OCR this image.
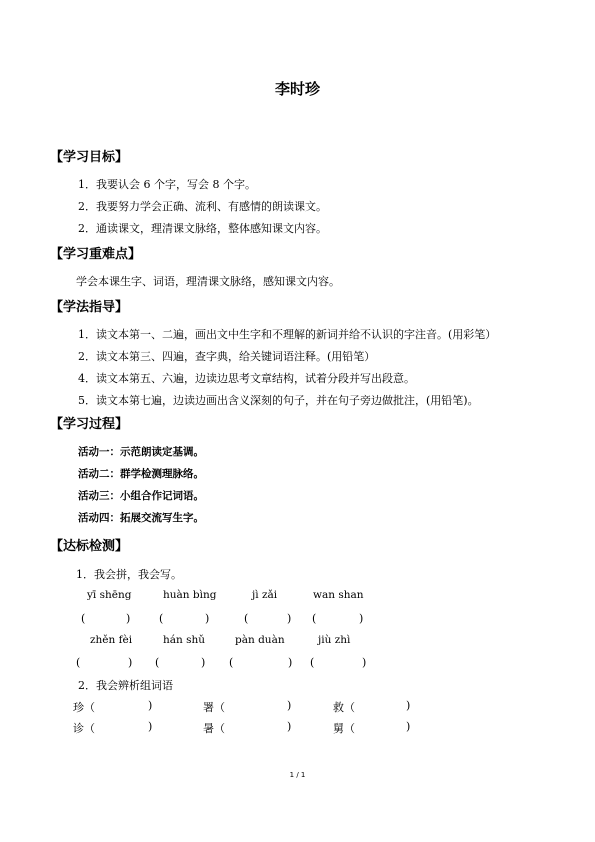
李时珍
【学习目标】
1．我要认会 6 个字，写会 8 个字。
2．我要努力学会正确、流利、有感情的朗读课文。
2．通读课文，理清课文脉络，整体感知课文内容。
【学习重难点】
学会本课生字、词语，理清课文脉络，感知课文内容。
【学法指导】
1．读文本第一、二遍，画出文中生字和不理解的新词并给不认识的字注音。(用彩笔）
2．读文本第三、四遍，查字典，给关键词语注释。(用铅笔）
4．读文本第五、六遍，边读边思考文章结构，试着分段并写出段意。
5．读文本第七遍，边读边画出含义深刻的句子，并在句子旁边做批注，(用铅笔)。
【学习过程】
活动一：示范朗读定基调。
活动二：群学检测理脉络。
活动三：小组合作记词语。
活动四：拓展交流写生字。
【达标检测】
1．我会拼，我会写。
yī shēng	huàn bìng	jì zǎi	wan shan
(	)	(	)	(	) (	)
zhěn fèi	hán shǔ	pàn duàn	jiù zhì
(	) (	) (	) (	)
2．我会辨析组词语
珍（	)	署（	)	救（	)
诊（	)	暑（	)	舅（	)
1 / 1
